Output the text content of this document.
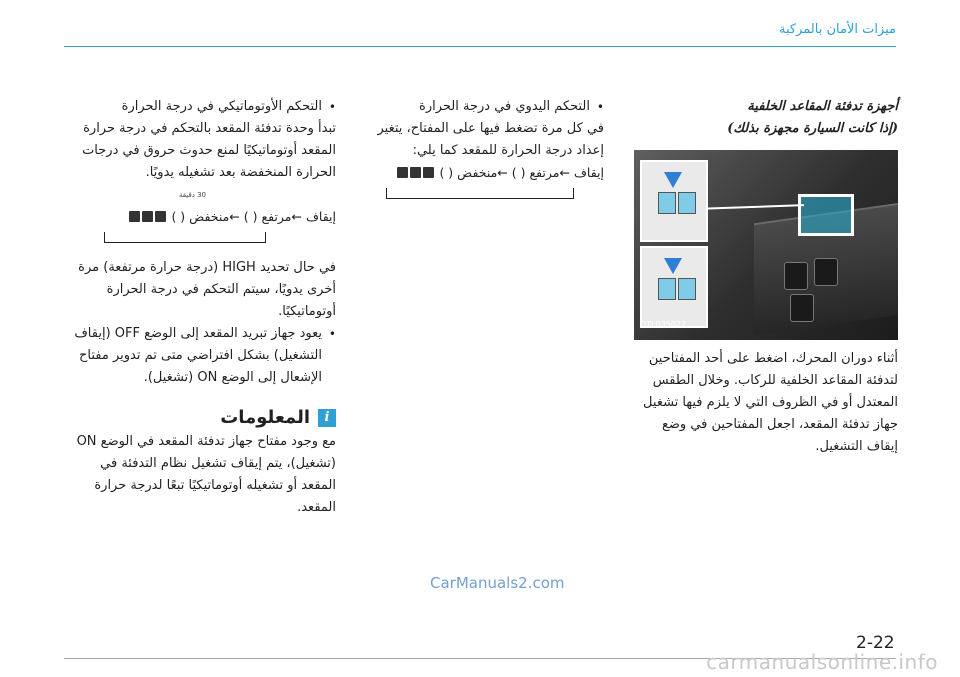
ميزات الأمان بالمركبة
أجهزة تدفئة المقاعد الخلفية
(إذا كانت السيارة مجهزة بذلك)
OTL035022
أثناء دوران المحرك، اضغط على أحد المفتاحين لتدفئة المقاعد الخلفية للركاب. وخلال الطقس المعتدل أو في الظروف التي لا يلزم فيها تشغيل جهاز تدفئة المقعد، اجعل المفتاحين في وضع إيقاف التشغيل.
• التحكم اليدوي في درجة الحرارة
في كل مرة تضغط فيها على المفتاح، يتغير إعداد درجة الحرارة للمقعد كما يلي:
إيقاف ←مرتفع ( ) ←منخفض ( )
• التحكم الأوتوماتيكي في درجة الحرارة
تبدأ وحدة تدفئة المقعد بالتحكم في درجة حرارة المقعد أوتوماتيكيًا لمنع حدوث حروق في درجات الحرارة المنخفضة بعد تشغيله يدويًا.
30 دقيقة
إيقاف ←مرتفع ( ) ←منخفض ( )
في حال تحديد HIGH (درجة حرارة مرتفعة) مرة أخرى يدويًا، سيتم التحكم في درجة الحرارة أوتوماتيكيًا.
• يعود جهاز تبريد المقعد إلى الوضع OFF (إيقاف التشغيل) بشكل افتراضي متى تم تدوير مفتاح الإشعال إلى الوضع ON (تشغيل).
iالمعلومات
مع وجود مفتاح جهاز تدفئة المقعد في الوضع ON (تشغيل)، يتم إيقاف تشغيل نظام التدفئة في المقعد أو تشغيله أوتوماتيكيًا تبعًا لدرجة حرارة المقعد.
CarManuals2.com
2-22
carmanualsonline.info
